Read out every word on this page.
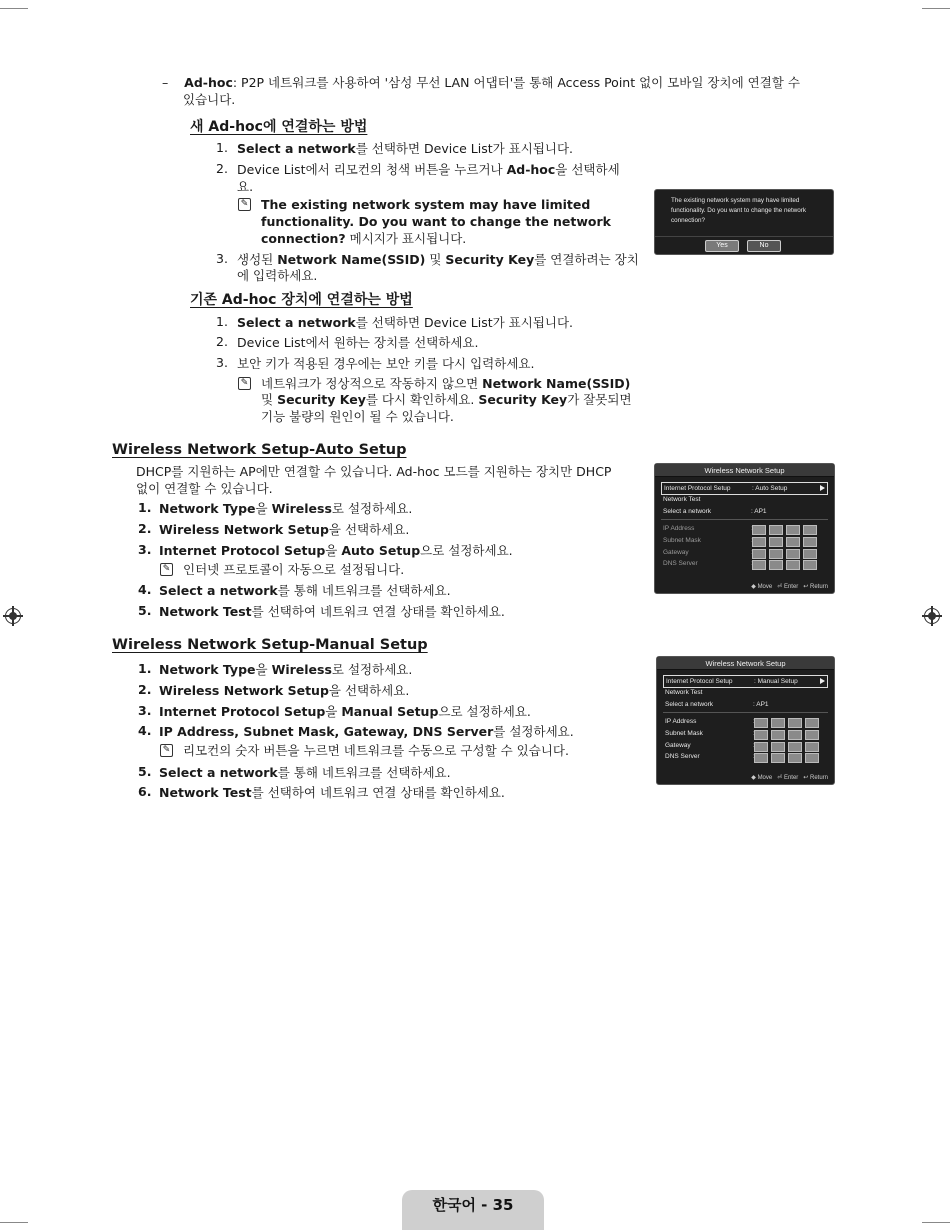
– Ad-hoc: P2P 네트워크를 사용하여 '삼성 무선 LAN 어댑터'를 통해 Access Point 없이 모바일 장치에 연결할 수
있습니다.
새 Ad-hoc에 연결하는 방법
1. Select a network를 선택하면 Device List가 표시됩니다.
2. Device List에서 리모컨의 청색 버튼을 누르거나 Ad-hoc을 선택하세
요.
✎ The existing network system may have limited
functionality. Do you want to change the network
connection? 메시지가 표시됩니다.
3. 생성된 Network Name(SSID) 및 Security Key를 연결하려는 장치
에 입력하세요.
기존 Ad-hoc 장치에 연결하는 방법
1. Select a network를 선택하면 Device List가 표시됩니다.
2. Device List에서 원하는 장치를 선택하세요.
3. 보안 키가 적용된 경우에는 보안 키를 다시 입력하세요.
✎ 네트워크가 정상적으로 작동하지 않으면 Network Name(SSID)
및 Security Key를 다시 확인하세요. Security Key가 잘못되면
기능 불량의 원인이 될 수 있습니다.
Wireless Network Setup-Auto Setup
DHCP를 지원하는 AP에만 연결할 수 있습니다. Ad-hoc 모드를 지원하는 장치만 DHCP
없이 연결할 수 있습니다.
1. Network Type을 Wireless로 설정하세요.
2. Wireless Network Setup을 선택하세요.
3. Internet Protocol Setup을 Auto Setup으로 설정하세요.
✎ 인터넷 프로토콜이 자동으로 설정됩니다.
4. Select a network를 통해 네트워크를 선택하세요.
5. Network Test를 선택하여 네트워크 연결 상태를 확인하세요.
Wireless Network Setup-Manual Setup
1. Network Type을 Wireless로 설정하세요.
2. Wireless Network Setup을 선택하세요.
3. Internet Protocol Setup을 Manual Setup으로 설정하세요.
4. IP Address, Subnet Mask, Gateway, DNS Server를 설정하세요.
✎ 리모컨의 숫자 버튼을 누르면 네트워크를 수동으로 구성할 수 있습니다.
5. Select a network를 통해 네트워크를 선택하세요.
6. Network Test를 선택하여 네트워크 연결 상태를 확인하세요.
The existing network system may have limited functionality. Do you want to change the network connection?
Yes	No
Wireless Network Setup
Internet Protocol Setup	: Auto Setup
Network Test
Select a network	: AP1
IP Address
Subnet Mask
Gateway
DNS Server
◆ Move   ⏎ Enter   ↩ Return
Wireless Network Setup
Internet Protocol Setup	: Manual Setup
Network Test
Select a network	: AP1
IP Address
Subnet Mask
Gateway
DNS Server
◆ Move   ⏎ Enter   ↩ Return
한국어 - 35
